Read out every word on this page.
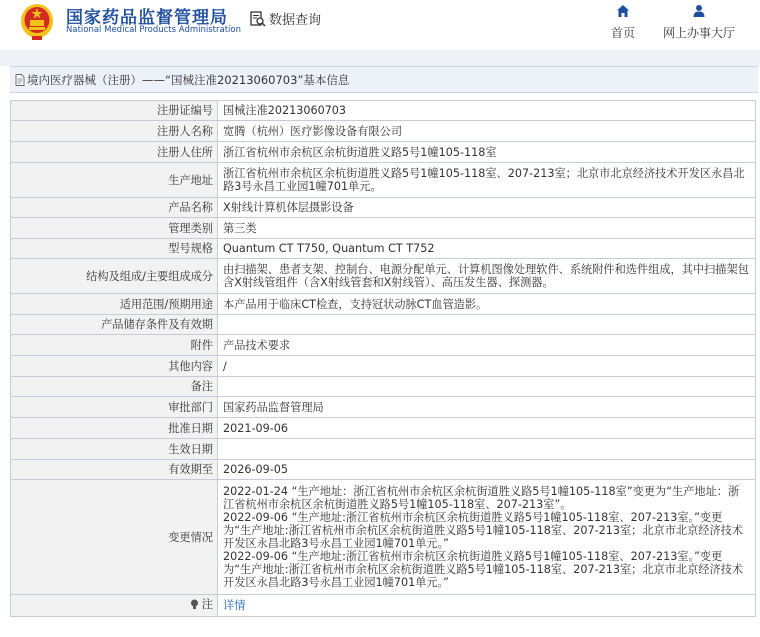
国家药品监督管理局
National Medical Products Administration
数据查询
首页 网上办事大厅
境内医疗器械（注册） —— “国械注准20213060703”基本信息
注册证编号	国械注准20213060703
注册人名称	宽腾（杭州）医疗影像设备有限公司
注册人住所	浙江省杭州市余杭区余杭街道胜义路5号1幢105-118室
生产地址	浙江省杭州市余杭区余杭街道胜义路5号1幢105-118室、207-213室；北京市北京经济技术开发区永昌北路3号永昌工业园1幢701单元。
产品名称	X射线计算机体层摄影设备
管理类别	第三类
型号规格	Quantum CT T750, Quantum CT T752
结构及组成/主要组成成分	由扫描架、患者支架、控制台、电源分配单元、计算机图像处理软件、系统附件和选件组成，其中扫描架包含X射线管组件（含X射线管套和X射线管）、高压发生器、探测器。
适用范围/预期用途	本产品用于临床CT检查，支持冠状动脉CT血管造影。
产品储存条件及有效期	
附件	产品技术要求
其他内容	/
备注	
审批部门	国家药品监督管理局
批准日期	2021-09-06
生效日期	
有效期至	2026-09-05
变更情况	2022-01-24 “生产地址：浙江省杭州市余杭区余杭街道胜义路5号1幢105-118室”变更为“生产地址：浙江省杭州市余杭区余杭街道胜义路5号1幢105-118室、207-213室”。
2022-09-06 “生产地址:浙江省杭州市余杭区余杭街道胜义路5号1幢105-118室、207-213室。”变更为“生产地址:浙江省杭州市余杭区余杭街道胜义路5号1幢105-118室、207-213室；北京市北京经济技术开发区永昌北路3号永昌工业园1幢701单元。”
2022-09-06 “生产地址:浙江省杭州市余杭区余杭街道胜义路5号1幢105-118室、207-213室。”变更为“生产地址:浙江省杭州市余杭区余杭街道胜义路5号1幢105-118室、207-213室；北京市北京经济技术开发区永昌北路3号永昌工业园1幢701单元。”

注	详情
